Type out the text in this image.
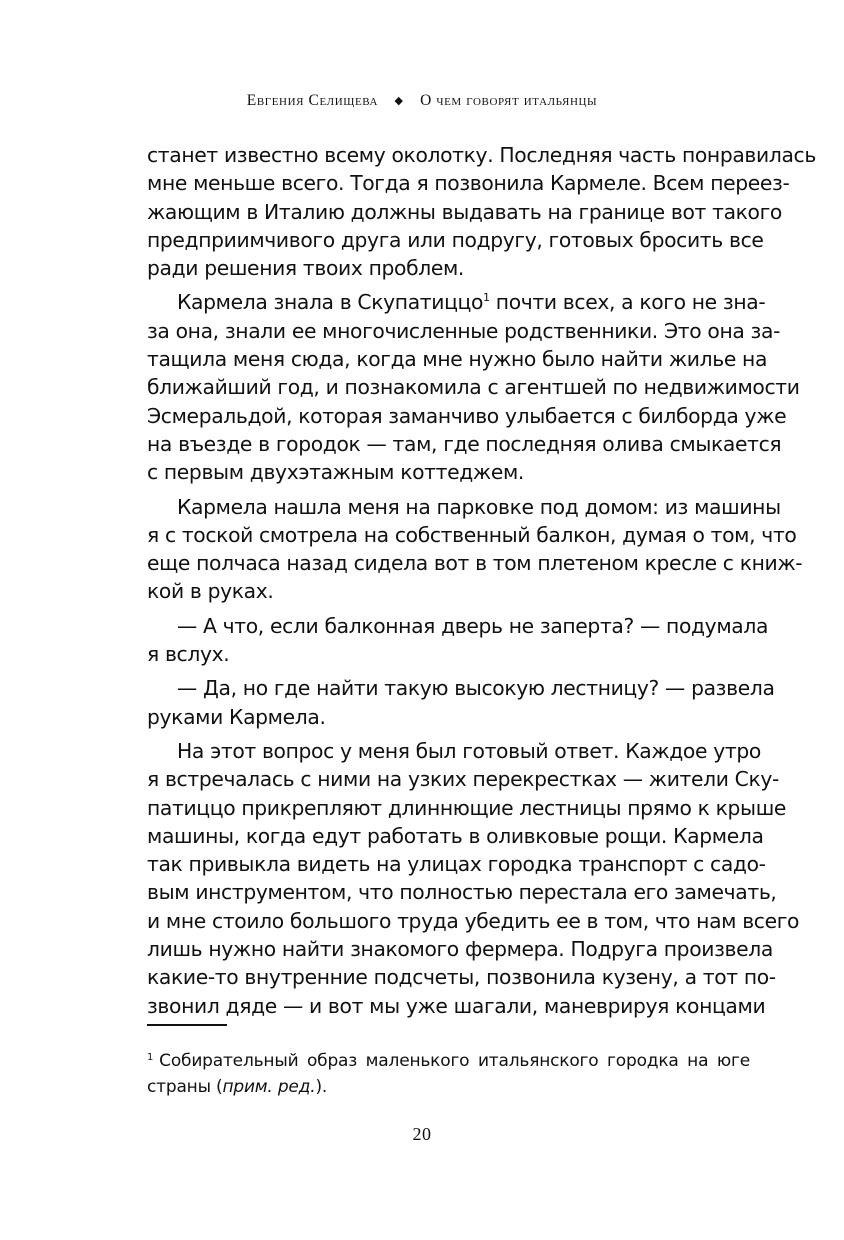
Евгения Селищева ◆ О чем говорят итальянцы
станет известно всему околотку. Последняя часть понравилась
мне меньше всего. Тогда я позвонила Кармеле. Всем переез-
жающим в Италию должны выдавать на границе вот такого
предприимчивого друга или подругу, готовых бросить все
ради решения твоих проблем.
Кармела знала в Скупатиццо$^1$ почти всех, а кого не зна-
за она, знали ее многочисленные родственники. Это она за-
тащила меня сюда, когда мне нужно было найти жилье на
ближайший год, и познакомила с агентшей по недвижимости
Эсмеральдой, которая заманчиво улыбается с билборда уже
на въезде в городок — там, где последняя олива смыкается
с первым двухэтажным коттеджем.
Кармела нашла меня на парковке под домом: из машины
я с тоской смотрела на собственный балкон, думая о том, что
еще полчаса назад сидела вот в том плетеном кресле с книж-
кой в руках.
— А что, если балконная дверь не заперта? — подумала
я вслух.
— Да, но где найти такую высокую лестницу? — развела
руками Кармела.
На этот вопрос у меня был готовый ответ. Каждое утро
я встречалась с ними на узких перекрестках — жители Ску-
патиццо прикрепляют длиннющие лестницы прямо к крыше
машины, когда едут работать в оливковые рощи. Кармела
так привыкла видеть на улицах городка транспорт с садо-
вым инструментом, что полностью перестала его замечать,
и мне стоило большого труда убедить ее в том, что нам всего
лишь нужно найти знакомого фермера. Подруга произвела
какие-то внутренние подсчеты, позвонила кузену, а тот по-
звонил дяде — и вот мы уже шагали, маневрируя концами
$^1$ Собирательный образ маленького итальянского городка на юге
страны (прим. ред.).
20
